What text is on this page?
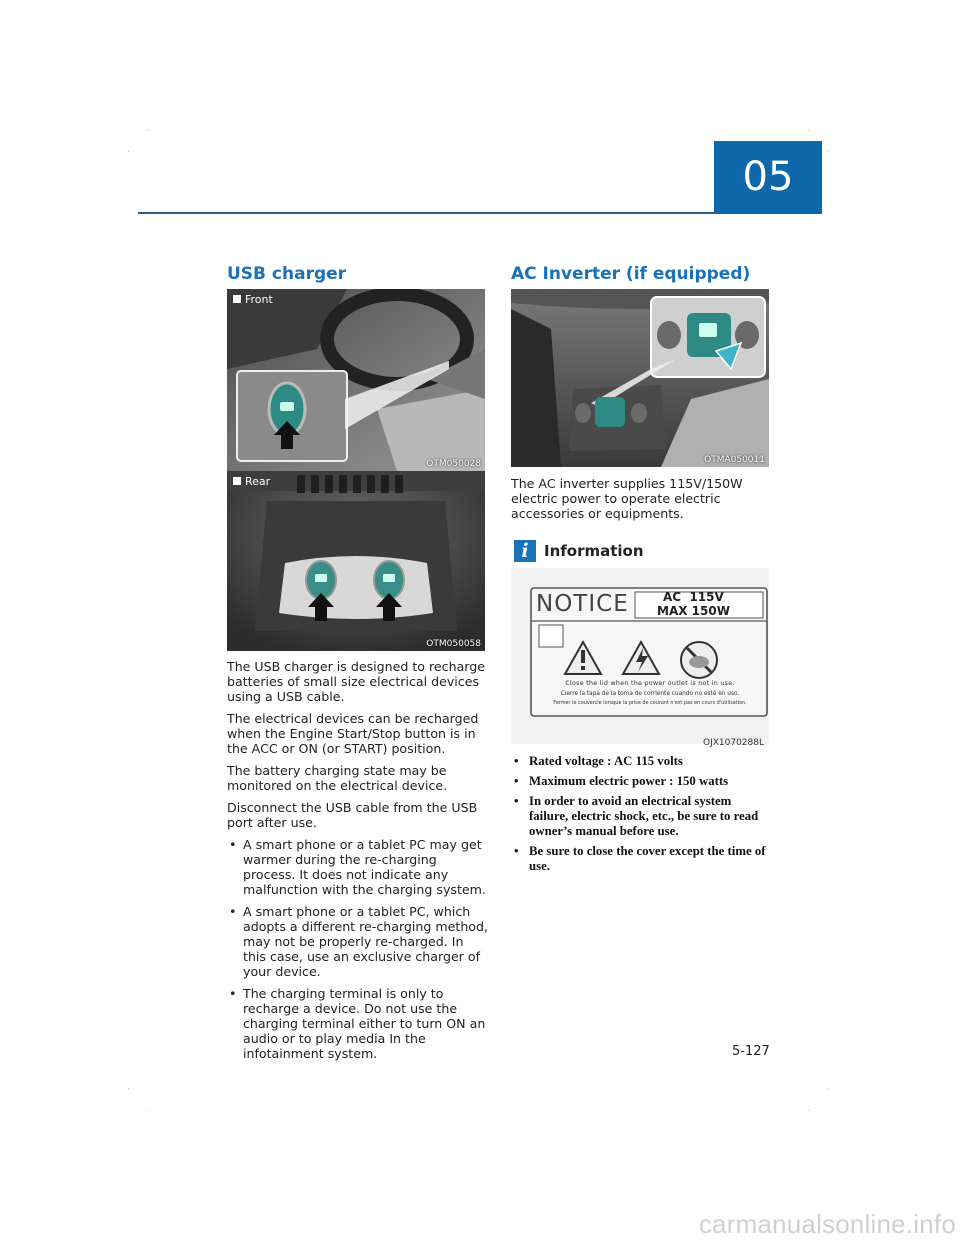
05
USB charger
Front
OTM050028
Rear
OTM050058

The USB charger is designed to recharge batteries of small size electrical devices using a USB cable.

The electrical devices can be recharged when the Engine Start/Stop button is in the ACC or ON (or START) position.

The battery charging state may be monitored on the electrical device.

Disconnect the USB cable from the USB port after use.

• A smart phone or a tablet PC may get warmer during the re-charging process. It does not indicate any malfunction with the charging system.
• A smart phone or a tablet PC, which adopts a different re-charging method, may not be properly re-charged. In this case, use an exclusive charger of your device.
• The charging terminal is only to recharge a device. Do not use the charging terminal either to turn ON an audio or to play media In the infotainment system.
AC Inverter (if equipped)
OTMA050011

The AC inverter supplies 115V/150W electric power to operate electric accessories or equipments.

i	Information
NOTICE	AC  115V
MAX 150W
Close the lid when the power outlet is not in use.
Cierre la tapa de la toma de corriente cuando no esté en uso.
Fermer le couvercle lorsque la prise de courant n'est pas en cours d'utilisation.
OJX1070288L
• Rated voltage : AC 115 volts
• Maximum electric power : 150 watts
• In order to avoid an electrical system failure, electric shock, etc., be sure to read owner’s manual before use.
• Be sure to close the cover except the time of use.
5-127
carmanualsonline.info
